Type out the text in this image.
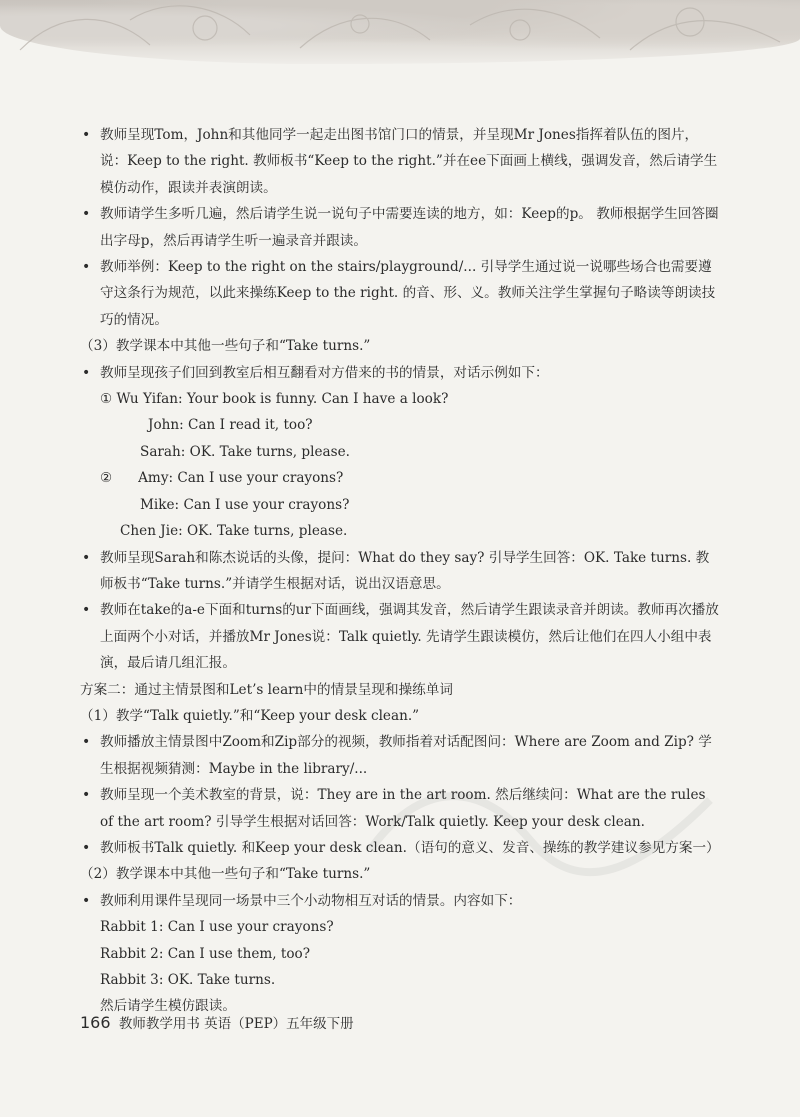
• 教师呈现Tom，John和其他同学一起走出图书馆门口的情景，并呈现Mr Jones指挥着队伍的图片，说：Keep to the right. 教师板书“Keep to the right.”并在ee下面画上横线，强调发音，然后请学生模仿动作，跟读并表演朗读。
• 教师请学生多听几遍，然后请学生说一说句子中需要连读的地方，如：Keep的p。 教师根据学生回答圈出字母p，然后再请学生听一遍录音并跟读。
• 教师举例：Keep to the right on the stairs/playground/... 引导学生通过说一说哪些场合也需要遵守这条行为规范，以此来操练Keep to the right. 的音、形、义。教师关注学生掌握句子略读等朗读技巧的情况。
（3）教学课本中其他一些句子和“Take turns.”
• 教师呈现孩子们回到教室后相互翻看对方借来的书的情景，对话示例如下：
① Wu Yifan: Your book is funny. Can I have a look?
John: Can I read it, too?
Sarah: OK. Take turns, please.
②      Amy: Can I use your crayons?
Mike: Can I use your crayons?
Chen Jie: OK. Take turns, please.
• 教师呈现Sarah和陈杰说话的头像，提问：What do they say? 引导学生回答：OK. Take turns. 教师板书“Take turns.”并请学生根据对话，说出汉语意思。
• 教师在take的a-e下面和turns的ur下面画线，强调其发音，然后请学生跟读录音并朗读。教师再次播放上面两个小对话，并播放Mr Jones说：Talk quietly. 先请学生跟读模仿，然后让他们在四人小组中表演，最后请几组汇报。
方案二：通过主情景图和Let’s learn中的情景呈现和操练单词
（1）教学“Talk quietly.”和“Keep your desk clean.”
• 教师播放主情景图中Zoom和Zip部分的视频，教师指着对话配图问：Where are Zoom and Zip? 学生根据视频猜测：Maybe in the library/...
• 教师呈现一个美术教室的背景，说：They are in the art room. 然后继续问：What are the rules of the art room? 引导学生根据对话回答：Work/Talk quietly. Keep your desk clean.
• 教师板书Talk quietly. 和Keep your desk clean.（语句的意义、发音、操练的教学建议参见方案一）
（2）教学课本中其他一些句子和“Take turns.”
• 教师利用课件呈现同一场景中三个小动物相互对话的情景。内容如下：
Rabbit 1: Can I use your crayons?
Rabbit 2: Can I use them, too?
Rabbit 3: OK. Take turns.
然后请学生模仿跟读。
166 教师教学用书 英语（PEP）五年级下册
